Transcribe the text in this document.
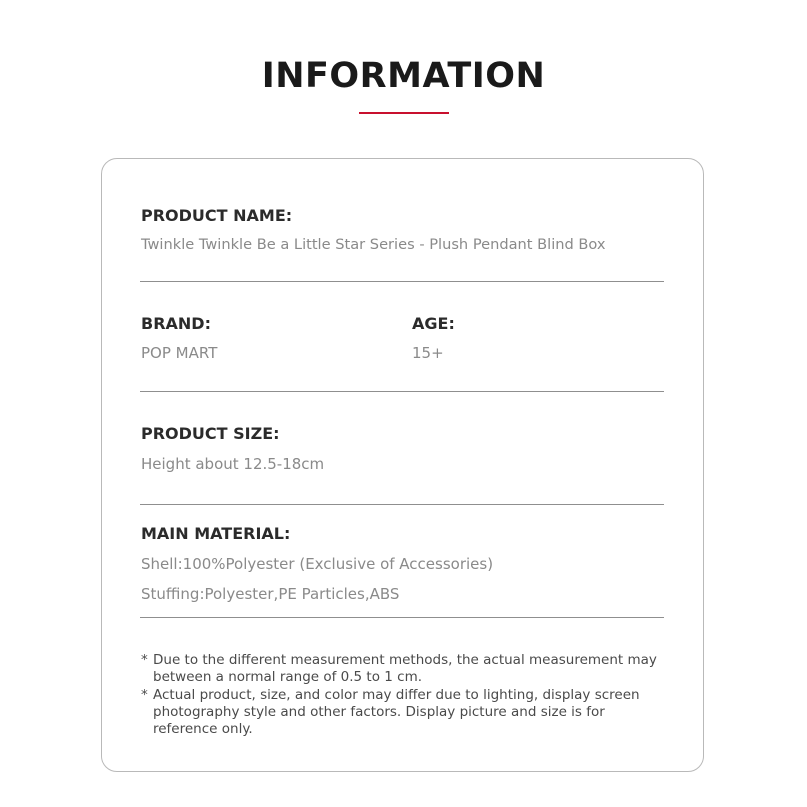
INFORMATION
PRODUCT NAME:
Twinkle Twinkle Be a Little Star Series - Plush Pendant Blind Box
BRAND:
POP MART
AGE:
15+
PRODUCT SIZE:
Height about 12.5-18cm
MAIN MATERIAL:
Shell:100%Polyester (Exclusive of Accessories)
Stuffing:Polyester,PE Particles,ABS
* Due to the different measurement methods, the actual measurement may between a normal range of 0.5 to 1 cm.
* Actual product, size, and color may differ due to lighting, display screen photography style and other factors. Display picture and size is for reference only.
